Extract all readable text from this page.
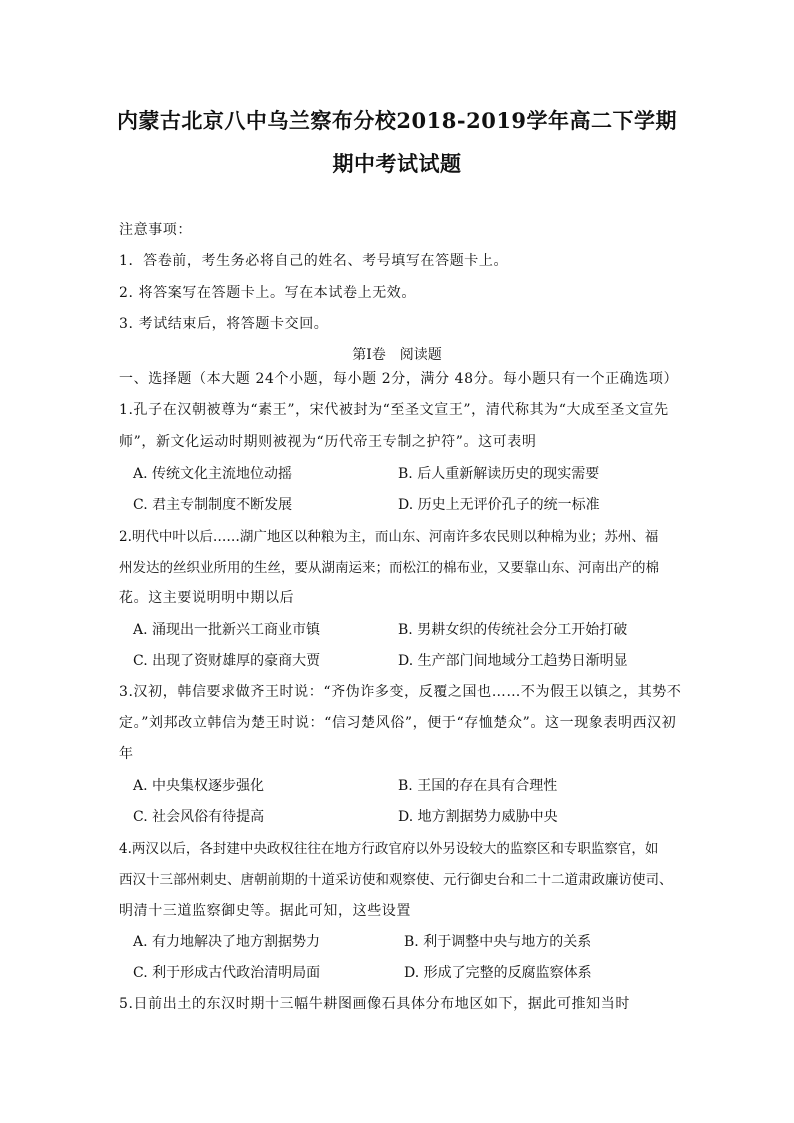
内蒙古北京八中乌兰察布分校2018-2019学年高二下学期
期中考试试题
注意事项：
1．答卷前，考生务必将自己的姓名、考号填写在答题卡上。
2. 将答案写在答题卡上。写在本试卷上无效。
3. 考试结束后，将答题卡交回。
第Ⅰ卷　阅读题
一、选择题（本大题 24个小题，每小题 2分，满分 48分。每小题只有一个正确选项）
1.孔子在汉朝被尊为“素王”，宋代被封为“至圣文宣王”，清代称其为“大成至圣文宣先
师”，新文化运动时期则被视为“历代帝王专制之护符”。这可表明
A. 传统文化主流地位动摇	B. 后人重新解读历史的现实需要
C. 君主专制制度不断发展	D. 历史上无评价孔子的统一标准
2.明代中叶以后……湖广地区以种粮为主，而山东、河南许多农民则以种棉为业；苏州、福
州发达的丝织业所用的生丝，要从湖南运来；而松江的棉布业，又要靠山东、河南出产的棉
花。这主要说明明中期以后
A. 涌现出一批新兴工商业市镇	B. 男耕女织的传统社会分工开始打破
C. 出现了资财雄厚的豪商大贾	D. 生产部门间地域分工趋势日渐明显
3.汉初，韩信要求做齐王时说：“齐伪诈多变，反覆之国也……不为假王以镇之，其势不
定。”刘邦改立韩信为楚王时说：“信习楚风俗”，便于“存恤楚众”。这一现象表明西汉初
年
A. 中央集权逐步强化	B. 王国的存在具有合理性
C. 社会风俗有待提高	D. 地方割据势力威胁中央
4.两汉以后，各封建中央政权往往在地方行政官府以外另设较大的监察区和专职监察官，如
西汉十三部州刺史、唐朝前期的十道采访使和观察使、元行御史台和二十二道肃政廉访使司、
明清十三道监察御史等。据此可知，这些设置
A. 有力地解决了地方割据势力	B. 利于调整中央与地方的关系
C. 利于形成古代政治清明局面	D. 形成了完整的反腐监察体系
5.日前出土的东汉时期十三幅牛耕图画像石具体分布地区如下，据此可推知当时
